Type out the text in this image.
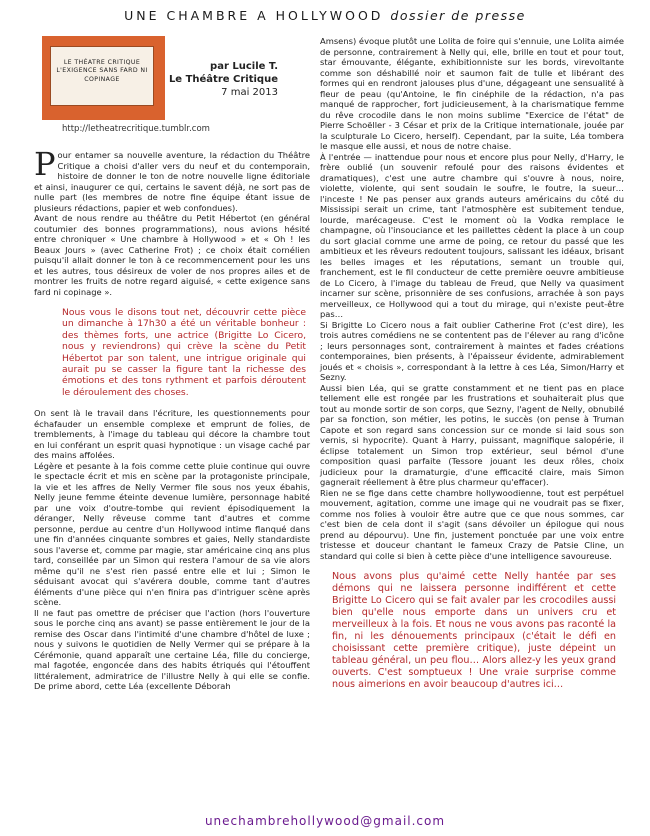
UNE CHAMBRE A HOLLYWOOD dossier de presse
LE THÉATRE CRITIQUE
L'EXIGENCE SANS FARD NI
COPINAGE
par Lucile T.
Le Théâtre Critique
7 mai 2013
http://letheatrecritique.tumblr.com

Pour entamer sa nouvelle aventure, la rédaction du Théâtre Critique a choisi d'aller vers du neuf et du contemporain, histoire de donner le ton de notre nouvelle ligne éditoriale et ainsi, inaugurer ce qui, certains le savent déjà, ne sort pas de nulle part (les membres de notre fine équipe étant issue de plusieurs rédactions, papier et web confondues).

Avant de nous rendre au théâtre du Petit Hébertot (en général coutumier des bonnes programmations), nous avions hésité entre chroniquer « Une chambre à Hollywood » et « Oh ! les Beaux Jours » (avec Catherine Frot) ; ce choix était cornélien puisqu'il allait donner le ton à ce recommencement pour les uns et les autres, tous désireux de voler de nos propres ailes et de montrer les fruits de notre regard aiguisé, « cette exigence sans fard ni copinage ».

Nous vous le disons tout net, découvrir cette pièce un dimanche à 17h30 a été un véritable bonheur : des thèmes forts, une actrice (Brigitte Lo Cicero, nous y reviendrons) qui crève la scène du Petit Hébertot par son talent, une intrigue originale qui aurait pu se casser la figure tant la richesse des émotions et des tons rythment et parfois déroutent le déroulement des choses.

On sent là le travail dans l'écriture, les questionnements pour échafauder un ensemble complexe et emprunt de folies, de tremblements, à l'image du tableau qui décore la chambre tout en lui conférant un esprit quasi hypnotique : un visage caché par des mains affolées.

Légère et pesante à la fois comme cette pluie continue qui ouvre le spectacle écrit et mis en scène par la protagoniste principale, la vie et les affres de Nelly Vermer file sous nos yeux ébahis, Nelly jeune femme éteinte devenue lumière, personnage habité par une voix d'outre-tombe qui revient épisodiquement la déranger, Nelly rêveuse comme tant d'autres et comme personne, perdue au centre d'un Hollywood intime flanqué dans une fin d'années cinquante sombres et gaies, Nelly standardiste sous l'averse et, comme par magie, star américaine cinq ans plus tard, conseillée par un Simon qui restera l'amour de sa vie alors même qu'il ne s'est rien passé entre elle et lui ; Simon le séduisant avocat qui s'avérera double, comme tant d'autres éléments d'une pièce qui n'en finira pas d'intriguer scène après scène.

Il ne faut pas omettre de préciser que l'action (hors l'ouverture sous le porche cinq ans avant) se passe entièrement le jour de la remise des Oscar dans l'intimité d'une chambre d'hôtel de luxe ; nous y suivons le quotidien de Nelly Vermer qui se prépare à la Cérémonie, quand apparaît une certaine Léa, fille du concierge, mal fagotée, engoncée dans des habits étriqués qui l'étouffent littéralement, admiratrice de l'illustre Nelly à qui elle se confie. De prime abord, cette Léa (excellente Déborah

Amsens) évoque plutôt une Lolita de foire qui s'ennuie, une Lolita aimée de personne, contrairement à Nelly qui, elle, brille en tout et pour tout, star émouvante, élégante, exhibitionniste sur les bords, virevoltante comme son déshabillé noir et saumon fait de tulle et libérant des formes qui en rendront jalouses plus d'une, dégageant une sensualité à fleur de peau (qu'Antoine, le fin cinéphile de la rédaction, n'a pas manqué de rapprocher, fort judicieusement, à la charismatique femme du rêve crocodile dans le non moins sublime "Exercice de l'état" de Pierre Schoëller - 3 César et prix de la Critique internationale, jouée par la sculpturale Lo Cicero, herself). Cependant, par la suite, Léa tombera le masque elle aussi, et nous de notre chaise.

À l'entrée — inattendue pour nous et encore plus pour Nelly, d'Harry, le frère oublié (un souvenir refoulé pour des raisons évidentes et dramatiques), c'est une autre chambre qui s'ouvre à nous, noire, violette, violente, qui sent soudain le soufre, le foutre, la sueur… l'inceste ! Ne pas penser aux grands auteurs américains du côté du Mississipi serait un crime, tant l'atmosphère est subitement tendue, lourde, marécageuse. C'est le moment où la Vodka remplace le champagne, où l'insouciance et les paillettes cèdent la place à un coup du sort glacial comme une arme de poing, ce retour du passé que les ambitieux et les rêveurs redoutent toujours, salissant les idéaux, brisant les belles images et les réputations, semant un trouble qui, franchement, est le fil conducteur de cette première oeuvre ambitieuse de Lo Cicero, à l'image du tableau de Freud, que Nelly va quasiment incarner sur scène, prisonnière de ses confusions, arrachée à son pays merveilleux, ce Hollywood qui a tout du mirage, qui n'existe peut-être pas…

Si Brigitte Lo Cicero nous a fait oublier Catherine Frot (c'est dire), les trois autres comédiens ne se contentent pas de l'élever au rang d'icône ; leurs personnages sont, contrairement à maintes et fades créations contemporaines, bien présents, à l'épaisseur évidente, admirablement joués et « choisis », correspondant à la lettre à ces Léa, Simon/Harry et Sezny.

Aussi bien Léa, qui se gratte constamment et ne tient pas en place tellement elle est rongée par les frustrations et souhaiterait plus que tout au monde sortir de son corps, que Sezny, l'agent de Nelly, obnubilé par sa fonction, son métier, les potins, le succès (on pense à Truman Capote et son regard sans concession sur ce monde si laid sous son vernis, si hypocrite). Quant à Harry, puissant, magnifique salopérie, il éclipse totalement un Simon trop extérieur, seul bémol d'une composition quasi parfaite (Tessore jouant les deux rôles, choix judicieux pour la dramaturgie, d'une efficacité claire, mais Simon gagnerait réellement à être plus charmeur qu'effacer).

Rien ne se fige dans cette chambre hollywoodienne, tout est perpétuel mouvement, agitation, comme une image qui ne voudrait pas se fixer, comme nos folies à vouloir être autre que ce que nous sommes, car c'est bien de cela dont il s'agit (sans dévoiler un épilogue qui nous prend au dépourvu). Une fin, justement ponctuée par une voix entre tristesse et douceur chantant le fameux Crazy de Patsie Cline, un standard qui colle si bien à cette pièce d'une intelligence savoureuse.

Nous avons plus qu'aimé cette Nelly hantée par ses démons qui ne laissera personne indifférent et cette Brigitte Lo Cicero qui se fait avaler par les crocodiles aussi bien qu'elle nous emporte dans un univers cru et merveilleux à la fois. Et nous ne vous avons pas raconté la fin, ni les dénouements principaux (c'était le défi en choisissant cette première critique), juste dépeint un tableau général, un peu flou… Alors allez-y les yeux grand ouverts. C'est somptueux ! Une vraie surprise comme nous aimerions en avoir beaucoup d'autres ici…

unechambrehollywood@gmail.com
